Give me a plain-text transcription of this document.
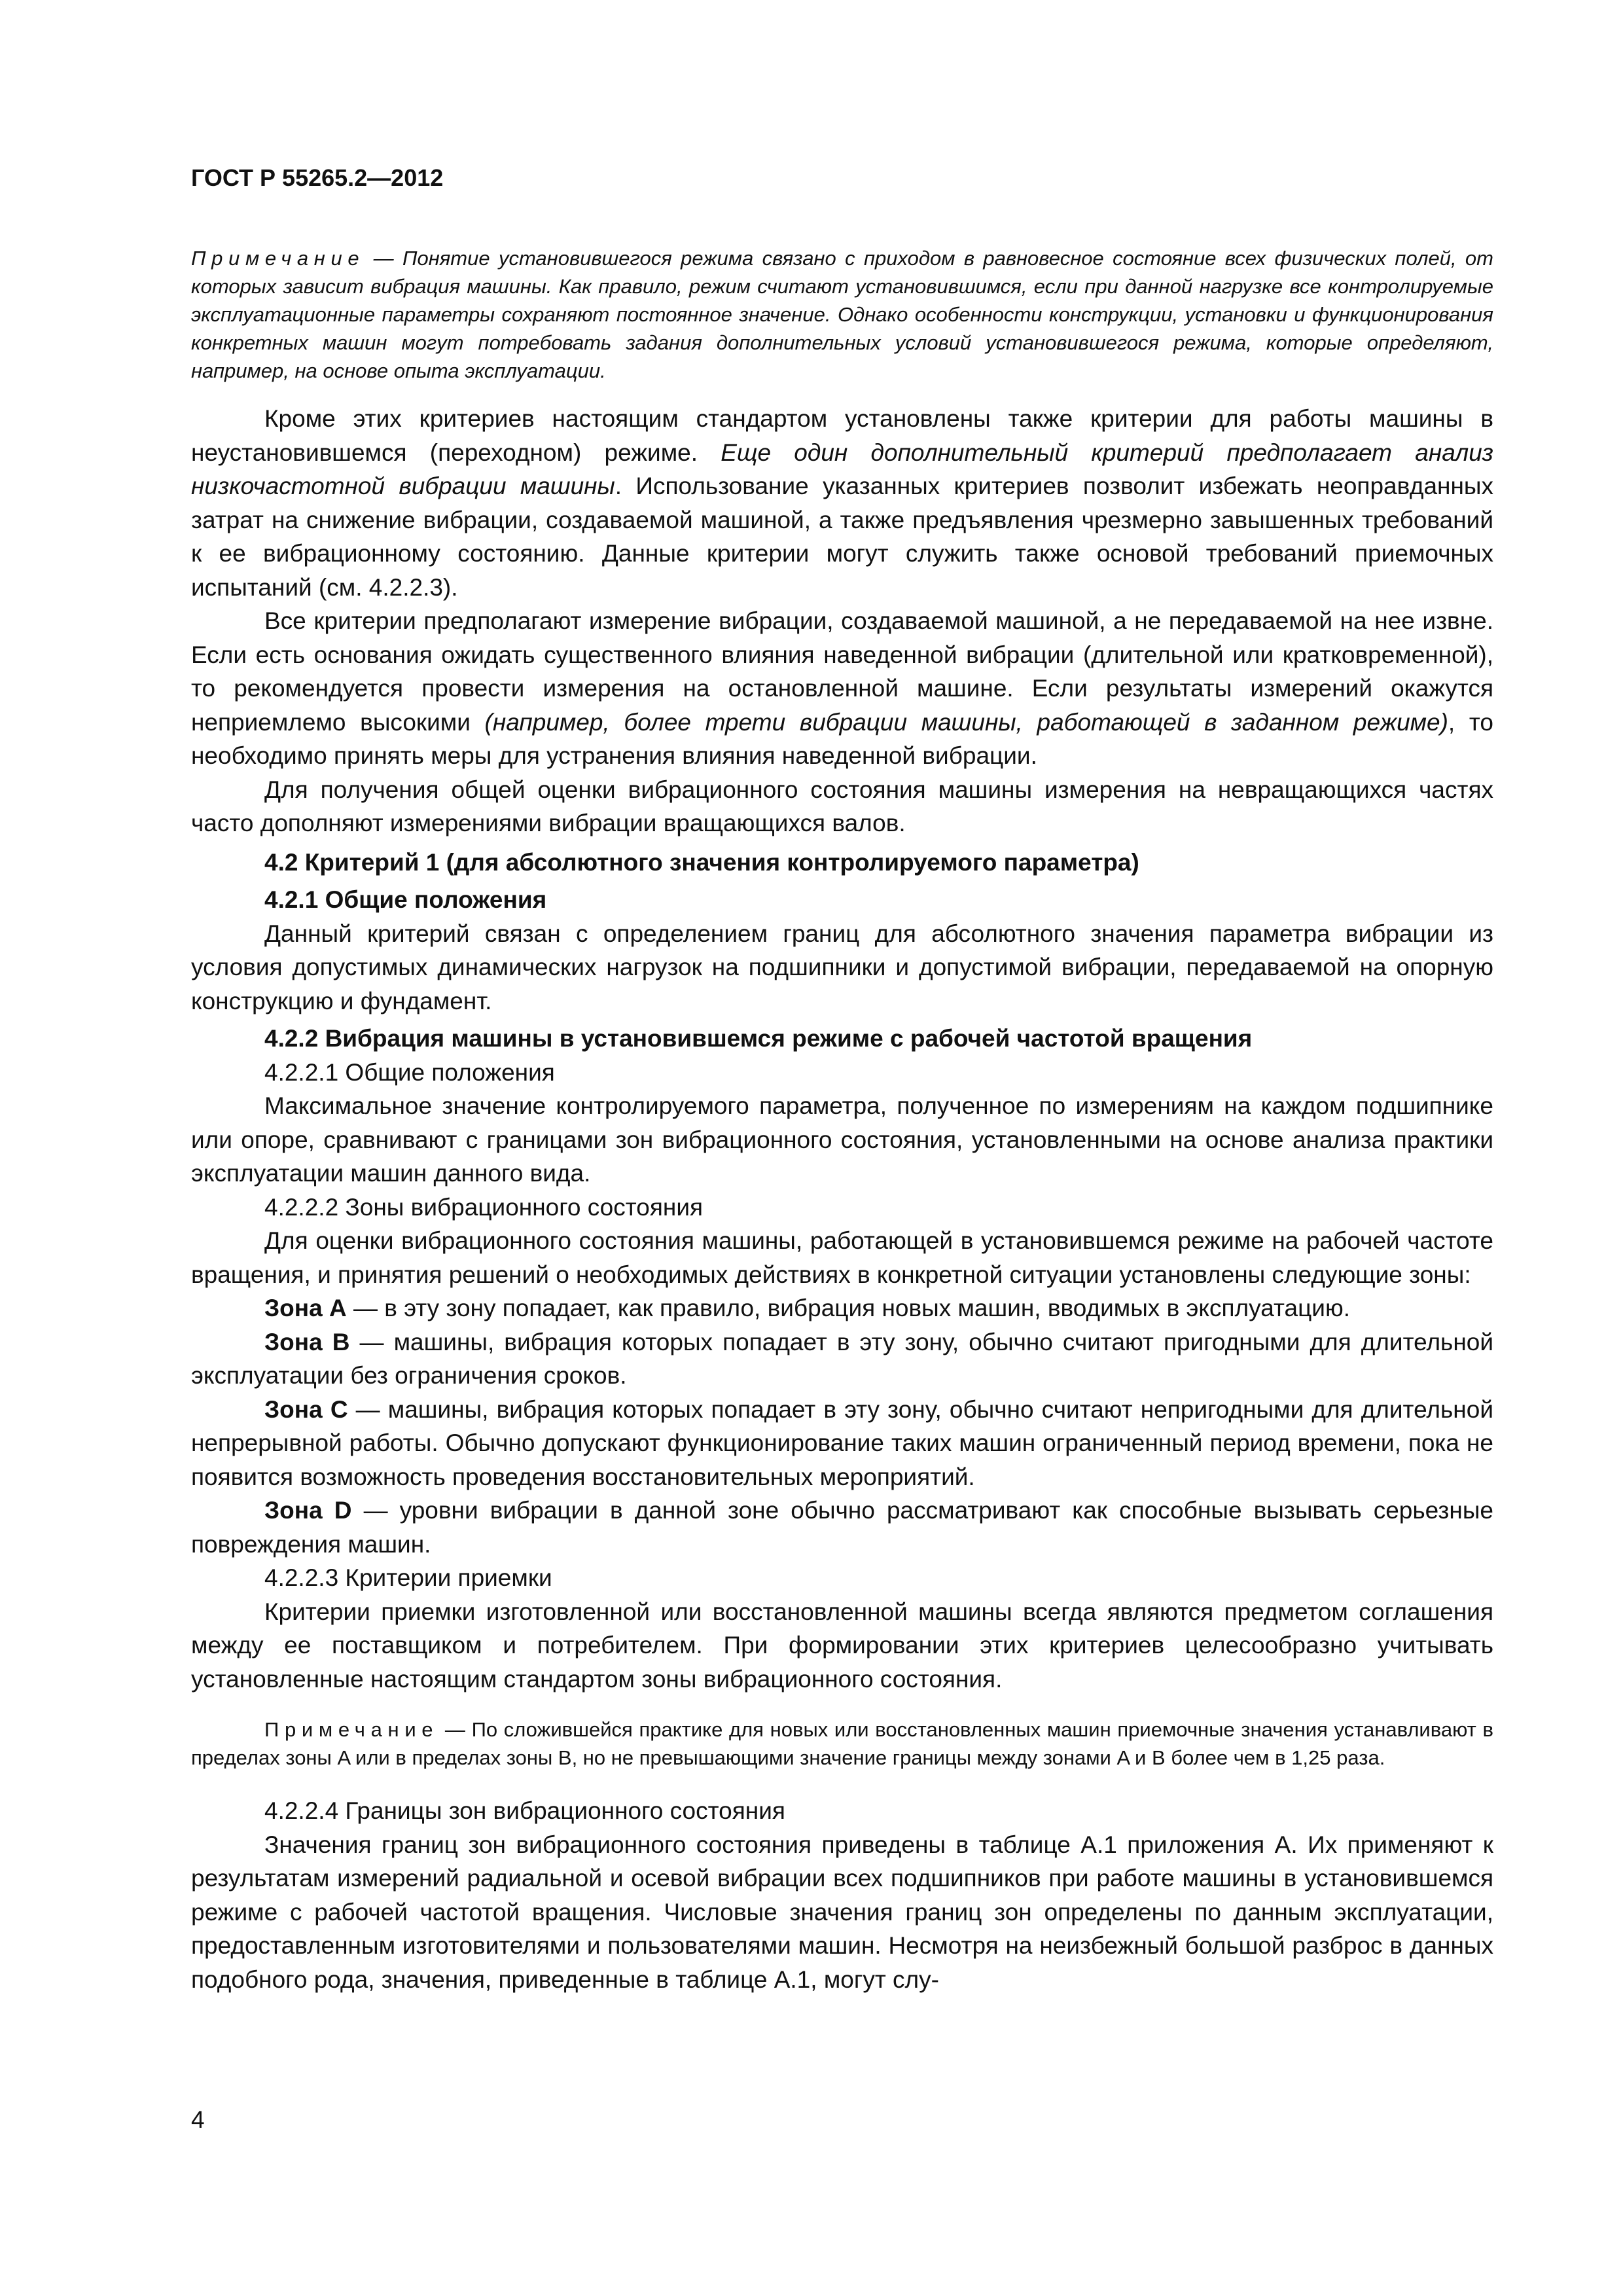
ГОСТ Р 55265.2—2012
Примечание — Понятие установившегося режима связано с приходом в равновесное состояние всех физических полей, от которых зависит вибрация машины. Как правило, режим считают установившимся, если при данной нагрузке все контролируемые эксплуатационные параметры сохраняют постоянное значение. Однако особенности конструкции, установки и функционирования конкретных машин могут потребовать задания дополнительных условий установившегося режима, которые определяют, например, на основе опыта эксплуатации.

Кроме этих критериев настоящим стандартом установлены также критерии для работы машины в неустановившемся (переходном) режиме. Еще один дополнительный критерий предполагает анализ низкочастотной вибрации машины. Использование указанных критериев позволит избежать неоправданных затрат на снижение вибрации, создаваемой машиной, а также предъявления чрезмерно завышенных требований к ее вибрационному состоянию. Данные критерии могут служить также основой требований приемочных испытаний (см. 4.2.2.3).

Все критерии предполагают измерение вибрации, создаваемой машиной, а не передаваемой на нее извне. Если есть основания ожидать существенного влияния наведенной вибрации (длительной или кратковременной), то рекомендуется провести измерения на остановленной машине. Если результаты измерений окажутся неприемлемо высокими (например, более трети вибрации машины, работающей в заданном режиме), то необходимо принять меры для устранения влияния наведенной вибрации.

Для получения общей оценки вибрационного состояния машины измерения на невращающихся частях часто дополняют измерениями вибрации вращающихся валов.

4.2 Критерий 1 (для абсолютного значения контролируемого параметра)

4.2.1 Общие положения

Данный критерий связан с определением границ для абсолютного значения параметра вибрации из условия допустимых динамических нагрузок на подшипники и допустимой вибрации, передаваемой на опорную конструкцию и фундамент.

4.2.2 Вибрация машины в установившемся режиме с рабочей частотой вращения

4.2.2.1 Общие положения

Максимальное значение контролируемого параметра, полученное по измерениям на каждом подшипнике или опоре, сравнивают с границами зон вибрационного состояния, установленными на основе анализа практики эксплуатации машин данного вида.

4.2.2.2 Зоны вибрационного состояния

Для оценки вибрационного состояния машины, работающей в установившемся режиме на рабочей частоте вращения, и принятия решений о необходимых действиях в конкретной ситуации установлены следующие зоны:

Зона A — в эту зону попадает, как правило, вибрация новых машин, вводимых в эксплуатацию.

Зона B — машины, вибрация которых попадает в эту зону, обычно считают пригодными для длительной эксплуатации без ограничения сроков.

Зона C — машины, вибрация которых попадает в эту зону, обычно считают непригодными для длительной непрерывной работы. Обычно допускают функционирование таких машин ограниченный период времени, пока не появится возможность проведения восстановительных мероприятий.

Зона D — уровни вибрации в данной зоне обычно рассматривают как способные вызывать серьезные повреждения машин.

4.2.2.3 Критерии приемки

Критерии приемки изготовленной или восстановленной машины всегда являются предметом соглашения между ее поставщиком и потребителем. При формировании этих критериев целесообразно учитывать установленные настоящим стандартом зоны вибрационного состояния.

Примечание — По сложившейся практике для новых или восстановленных машин приемочные значения устанавливают в пределах зоны A или в пределах зоны B, но не превышающими значение границы между зонами A и B более чем в 1,25 раза.

4.2.2.4 Границы зон вибрационного состояния

Значения границ зон вибрационного состояния приведены в таблице А.1 приложения А. Их применяют к результатам измерений радиальной и осевой вибрации всех подшипников при работе машины в установившемся режиме с рабочей частотой вращения. Числовые значения границ зон определены по данным эксплуатации, предоставленным изготовителями и пользователями машин. Несмотря на неизбежный большой разброс в данных подобного рода, значения, приведенные в таблице А.1, могут слу-

4
